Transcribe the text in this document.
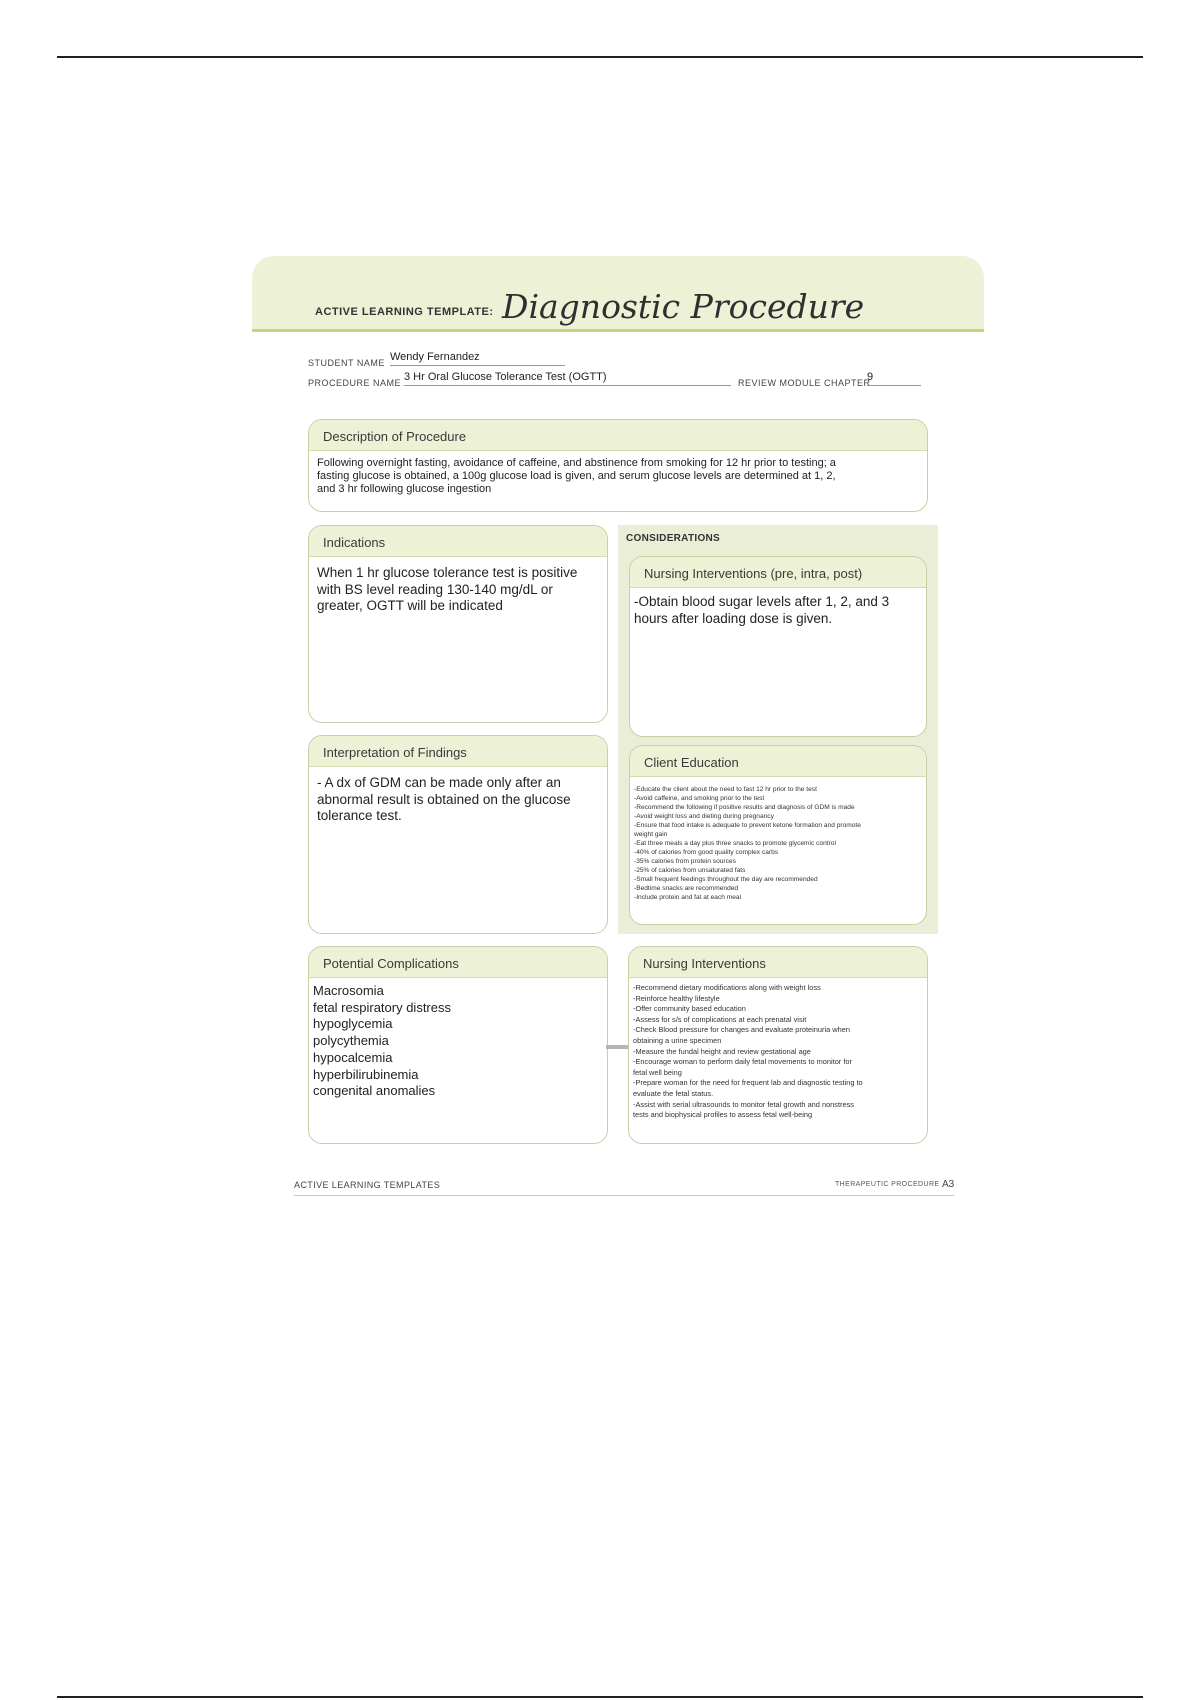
ACTIVE LEARNING TEMPLATE: Diagnostic Procedure
STUDENT NAME Wendy Fernandez
PROCEDURE NAME 3 Hr Oral Glucose Tolerance Test (OGTT)	REVIEW MODULE CHAPTER
9
Description of Procedure
Following overnight fasting, avoidance of caffeine, and abstinence from smoking for 12 hr prior to testing; a
fasting glucose is obtained, a 100g glucose load is given, and serum glucose levels are determined at 1, 2,
and 3 hr following glucose ingestion
Indications
When 1 hr glucose tolerance test is positive
with BS level reading 130-140 mg/dL or
greater, OGTT will be indicated
Interpretation of Findings
- A dx of GDM can be made only after an
abnormal result is obtained on the glucose
tolerance test.
CONSIDERATIONS
Nursing Interventions (pre, intra, post)
-Obtain blood sugar levels after 1, 2, and 3
hours after loading dose is given.
Client Education
-Educate the client about the need to fast 12 hr prior to the test
-Avoid caffeine, and smoking prior to the test
-Recommend the following if positive results and diagnosis of GDM is made
-Avoid weight loss and dieting during pregnancy
-Ensure that food intake is adequate to prevent ketone formation and promote
weight gain
-Eat three meals a day plus three snacks to promote glycemic control
-40% of calories from good quality complex carbs
-35% calories from protein sources
-25% of calories from unsaturated fats
-Small frequent feedings throughout the day are recommended
-Bedtime snacks are recommended
-Include protein and fat at each meal
Potential Complications
Macrosomia
fetal respiratory distress
hypoglycemia
polycythemia
hypocalcemia
hyperbilirubinemia
congenital anomalies
Nursing Interventions
-Recommend dietary modifications along with weight loss
-Reinforce healthy lifestyle
-Offer community based education
-Assess for s/s of complications at each prenatal visit
-Check Blood pressure for changes and evaluate proteinuria when
obtaining a urine specimen
-Measure the fundal height and review gestational age
-Encourage woman to perform daily fetal movements to monitor for
fetal well being
-Prepare woman for the need for frequent lab and diagnostic testing to
evaluate the fetal status.
-Assist with serial ultrasounds to monitor fetal growth and nonstress
tests and biophysical profiles to assess fetal well-being
ACTIVE LEARNING TEMPLATES	THERAPEUTIC PROCEDURE A3
